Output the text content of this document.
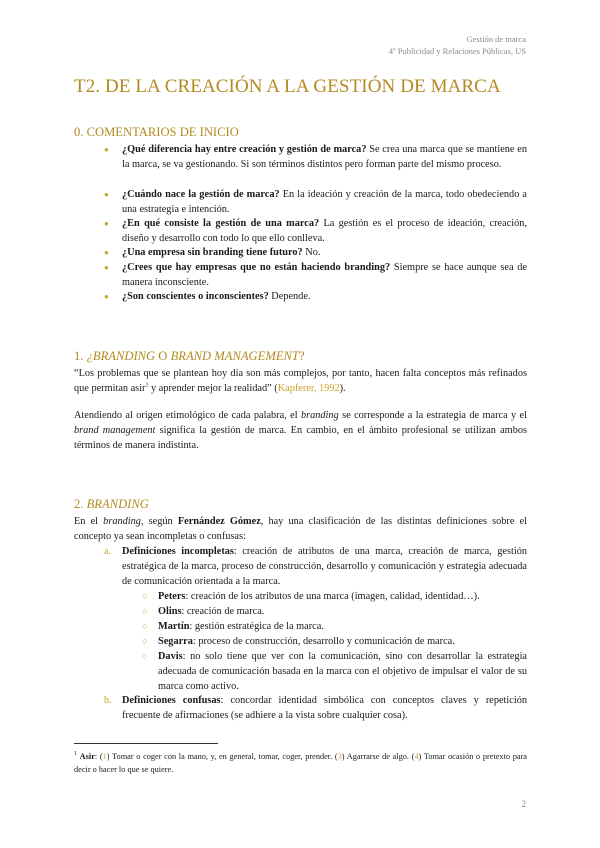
Gestión de marca
4º Publicidad y Relaciones Públicas, US
T2. DE LA CREACIÓN A LA GESTIÓN DE MARCA
0. COMENTARIOS DE INICIO
● ¿Qué diferencia hay entre creación y gestión de marca? Se crea una marca que se mantiene en la marca, se va gestionando. Si son términos distintos pero forman parte del mismo proceso.
● ¿Cuándo nace la gestión de marca? En la ideación y creación de la marca, todo obedeciendo a una estrategia e intención.
● ¿En qué consiste la gestión de una marca? La gestión es el proceso de ideación, creación, diseño y desarrollo con todo lo que ello conlleva.
● ¿Una empresa sin branding tiene futuro? No.
● ¿Crees que hay empresas que no están haciendo branding? Siempre se hace aunque sea de manera inconsciente.
● ¿Son conscientes o inconscientes? Depende.
1. ¿BRANDING O BRAND MANAGEMENT?
“Los problemas que se plantean hoy día son más complejos, por tanto, hacen falta conceptos más refinados que permitan asir$^1$ y aprender mejor la realidad” (Kapferer, 1992).
Atendiendo al origen etimológico de cada palabra, el branding se corresponde a la estrategia de marca y el brand management significa la gestión de marca. En cambio, en el ámbito profesional se utilizan ambos términos de manera indistinta.
2. BRANDING
En el branding, según Fernández Gómez, hay una clasificación de las distintas definiciones sobre el concepto ya sean incompletas o confusas:
a. Definiciones incompletas: creación de atributos de una marca, creación de marca, gestión estratégica de la marca, proceso de construcción, desarrollo y comunicación y estrategia adecuada de comunicación orientada a la marca.
○ Peters: creación de los atributos de una marca (imagen, calidad, identidad…).
○ Olins: creación de marca.
○ Martín: gestión estratégica de la marca.
○ Segarra: proceso de construcción, desarrollo y comunicación de marca.
○ Davis: no solo tiene que ver con la comunicación, sino con desarrollar la estrategia adecuada de comunicación basada en la marca con el objetivo de impulsar el valor de su marca como activo.
b. Definiciones confusas: concordar identidad simbólica con conceptos claves y repetición frecuente de afirmaciones (se adhiere a la vista sobre cualquier cosa).
$^1$ Asir: (1) Tomar o coger con la mano, y, en general, tomar, coger, prender. (3) Agarrarse de algo. (4) Tomar ocasión o pretexto para decir o hacer lo que se quiere.
2
